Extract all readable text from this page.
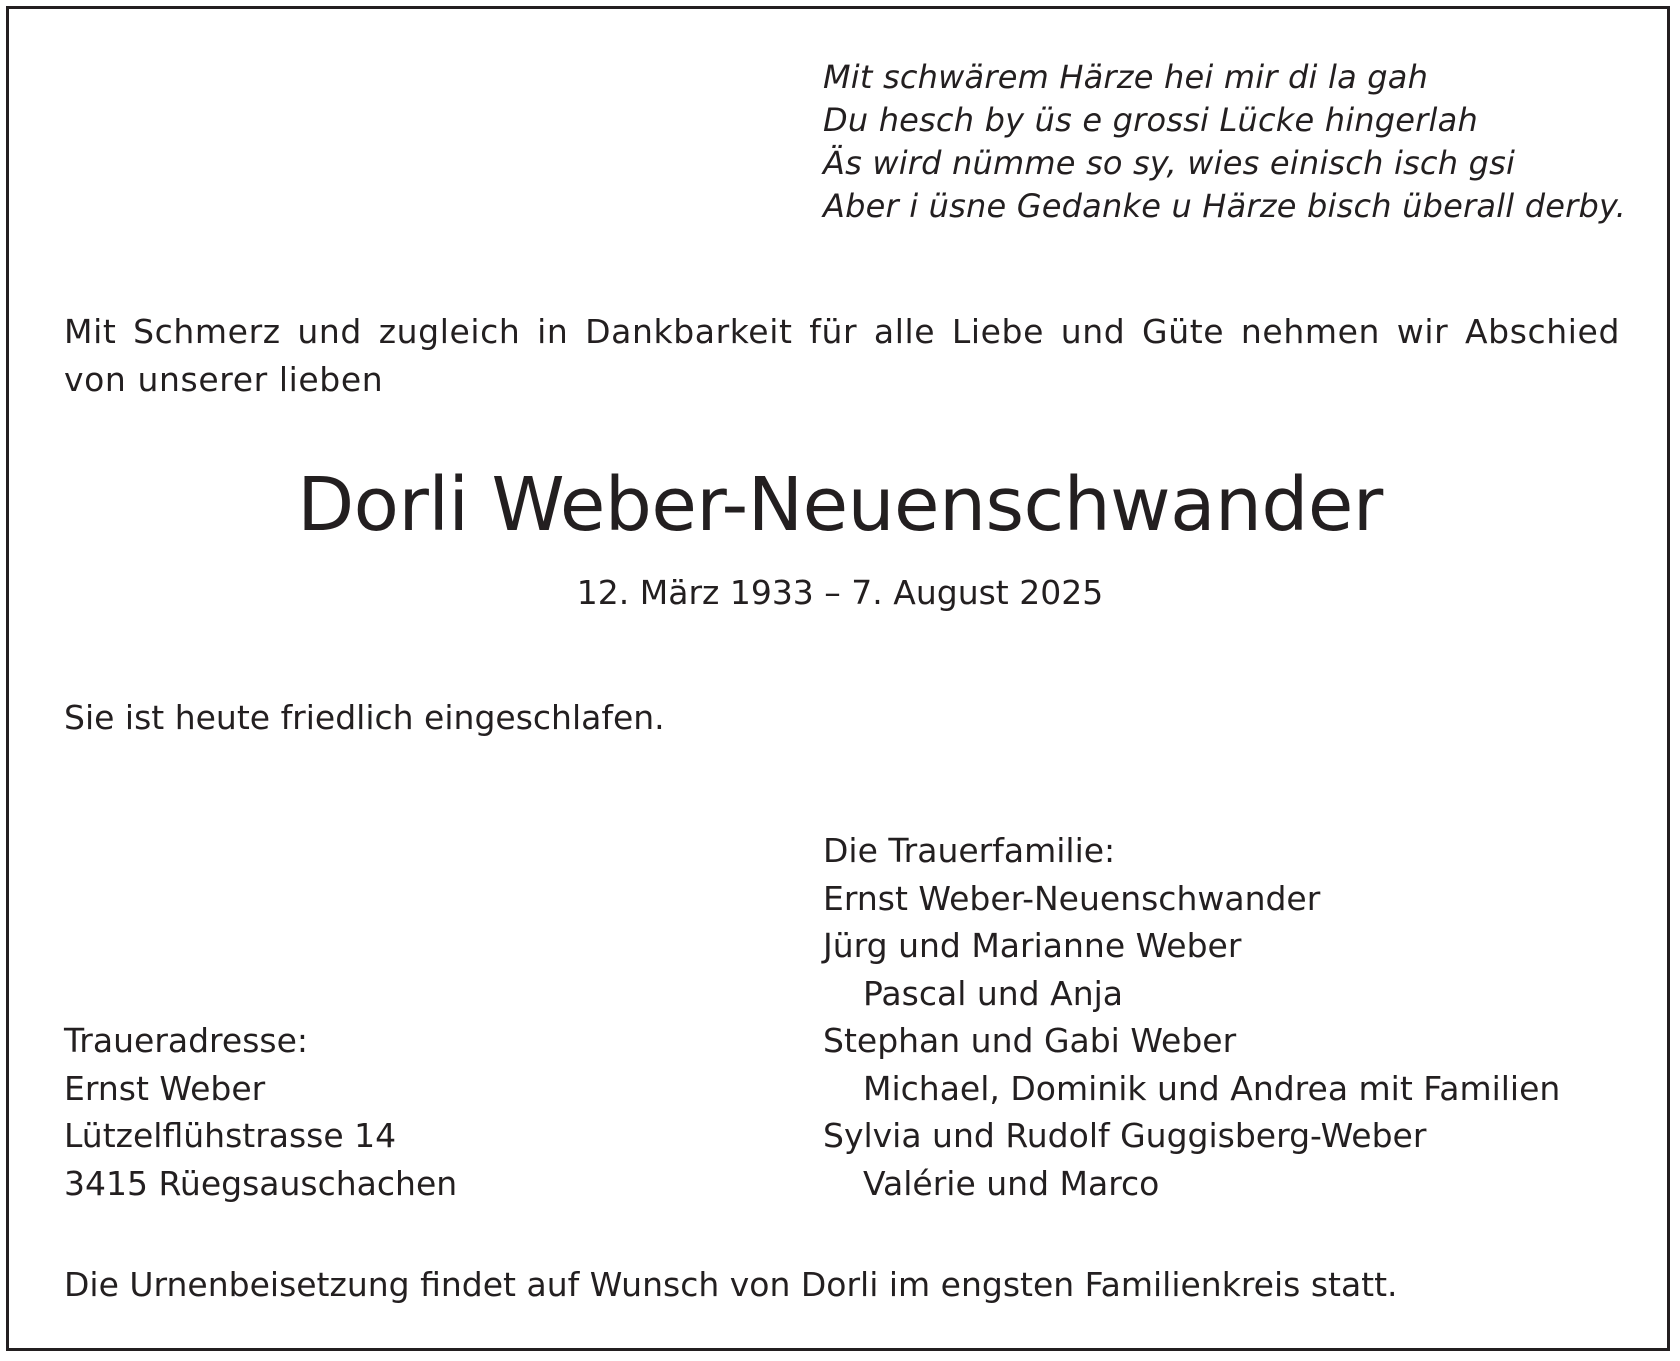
Mit schwärem Härze hei mir di la gah
Du hesch by üs e grossi Lücke hingerlah
Äs wird nümme so sy, wies einisch isch gsi
Aber i üsne Gedanke u Härze bisch überall derby.
Mit Schmerz und zugleich in Dankbarkeit für alle Liebe und Güte nehmen wir Abschied
von unserer lieben
Dorli Weber-Neuenschwander
12. März 1933 – 7. August 2025
Sie ist heute friedlich eingeschlafen.
Die Trauerfamilie:
Ernst Weber-Neuenschwander
Jürg und Marianne Weber
Pascal und Anja
Stephan und Gabi Weber
Michael, Dominik und Andrea mit Familien
Sylvia und Rudolf Guggisberg-Weber
Valérie und Marco
Traueradresse:
Ernst Weber
Lützelflühstrasse 14
3415 Rüegsauschachen
Die Urnenbeisetzung findet auf Wunsch von Dorli im engsten Familienkreis statt.
